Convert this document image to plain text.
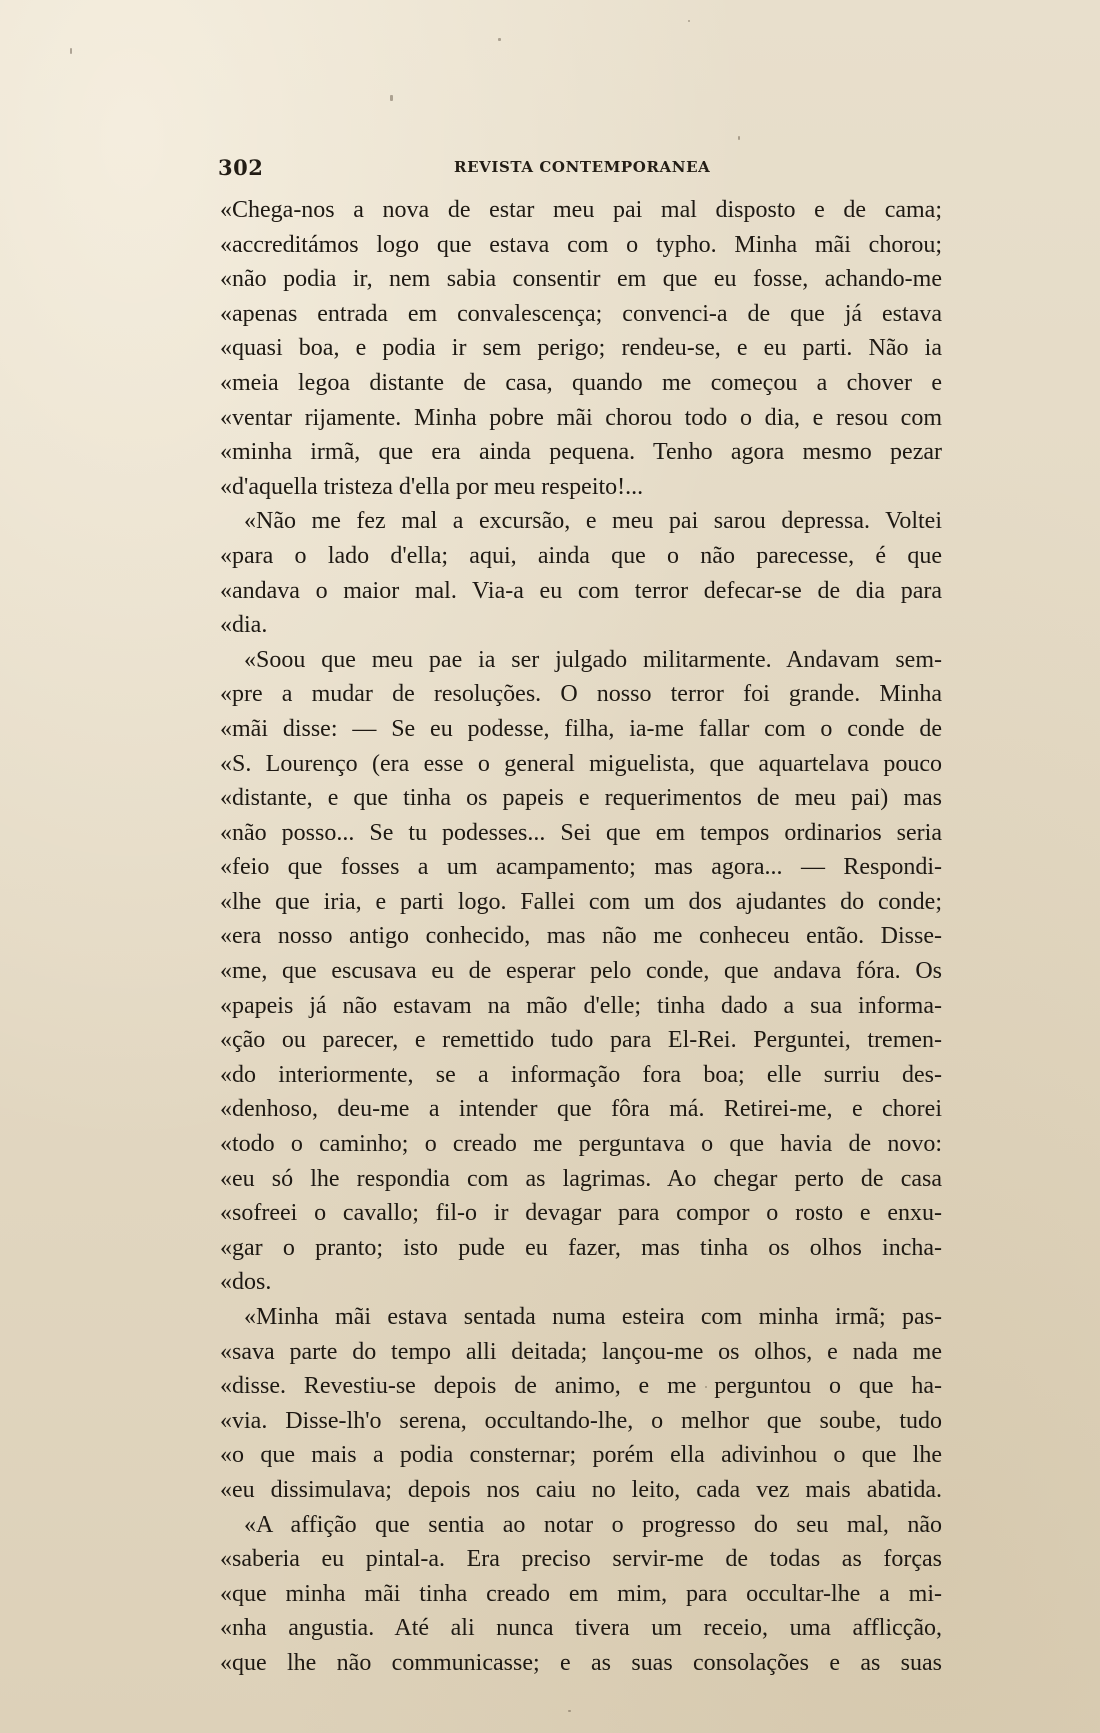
302	REVISTA CONTEMPORANEA
«Chega-nos a nova de estar meu pai mal disposto e de cama;
«accreditámos logo que estava com o typho. Minha mãi chorou;
«não podia ir, nem sabia consentir em que eu fosse, achando-me
«apenas entrada em convalescença; convenci-a de que já estava
«quasi boa, e podia ir sem perigo; rendeu-se, e eu parti. Não ia
«meia legoa distante de casa, quando me começou a chover e
«ventar rijamente. Minha pobre mãi chorou todo o dia, e resou com
«minha irmã, que era ainda pequena. Tenho agora mesmo pezar
«d'aquella tristeza d'ella por meu respeito!...
«Não me fez mal a excursão, e meu pai sarou depressa. Voltei
«para o lado d'ella; aqui, ainda que o não parecesse, é que
«andava o maior mal. Via-a eu com terror defecar-se de dia para
«dia.
«Soou que meu pae ia ser julgado militarmente. Andavam sem-
«pre a mudar de resoluções. O nosso terror foi grande. Minha
«mãi disse: — Se eu podesse, filha, ia-me fallar com o conde de
«S. Lourenço (era esse o general miguelista, que aquartelava pouco
«distante, e que tinha os papeis e requerimentos de meu pai) mas
«não posso... Se tu podesses... Sei que em tempos ordinarios seria
«feio que fosses a um acampamento; mas agora... — Respondi-
«lhe que iria, e parti logo. Fallei com um dos ajudantes do conde;
«era nosso antigo conhecido, mas não me conheceu então. Disse-
«me, que escusava eu de esperar pelo conde, que andava fóra. Os
«papeis já não estavam na mão d'elle; tinha dado a sua informa-
«ção ou parecer, e remettido tudo para El-Rei. Perguntei, tremen-
«do interiormente, se a informação fora boa; elle surriu des-
«denhoso, deu-me a intender que fôra má. Retirei-me, e chorei
«todo o caminho; o creado me perguntava o que havia de novo:
«eu só lhe respondia com as lagrimas. Ao chegar perto de casa
«sofreei o cavallo; fil-o ir devagar para compor o rosto e enxu-
«gar o pranto; isto pude eu fazer, mas tinha os olhos incha-
«dos.
«Minha mãi estava sentada numa esteira com minha irmã; pas-
«sava parte do tempo alli deitada; lançou-me os olhos, e nada me
«disse. Revestiu-se depois de animo, e me perguntou o que ha-
«via. Disse-lh'o serena, occultando-lhe, o melhor que soube, tudo
«o que mais a podia consternar; porém ella adivinhou o que lhe
«eu dissimulava; depois nos caiu no leito, cada vez mais abatida.
«A affição que sentia ao notar o progresso do seu mal, não
«saberia eu pintal-a. Era preciso servir-me de todas as forças
«que minha mãi tinha creado em mim, para occultar-lhe a mi-
«nha angustia. Até ali nunca tivera um receio, uma afflicção,
«que lhe não communicasse; e as suas consolações e as suas
